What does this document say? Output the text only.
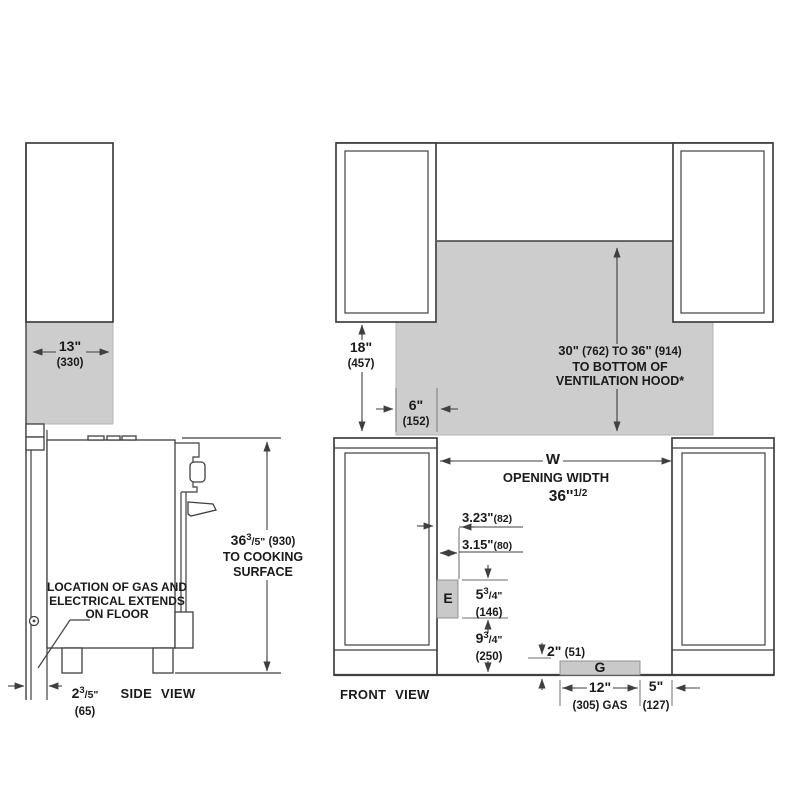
13"
(330)
$36^3/5$" (930)
TO COOKING
SURFACE
LOCATION OF GAS AND
ELECTRICAL EXTENDS
ON FLOOR
$2^3/5$"
(65)
SIDE VIEW
18"
(457)
6"
(152)
30" (762) TO 36" (914)
TO BOTTOM OF
VENTILATION HOOD*
W
OPENING WIDTH
$36''^{1/2}$
3.23"(82)
3.15"(80)
E $5^3/4$"
(146)
$9^3/4$"
(250)	2" (51)
G
12"
(305) GAS
5"
(127)
FRONT VIEW
